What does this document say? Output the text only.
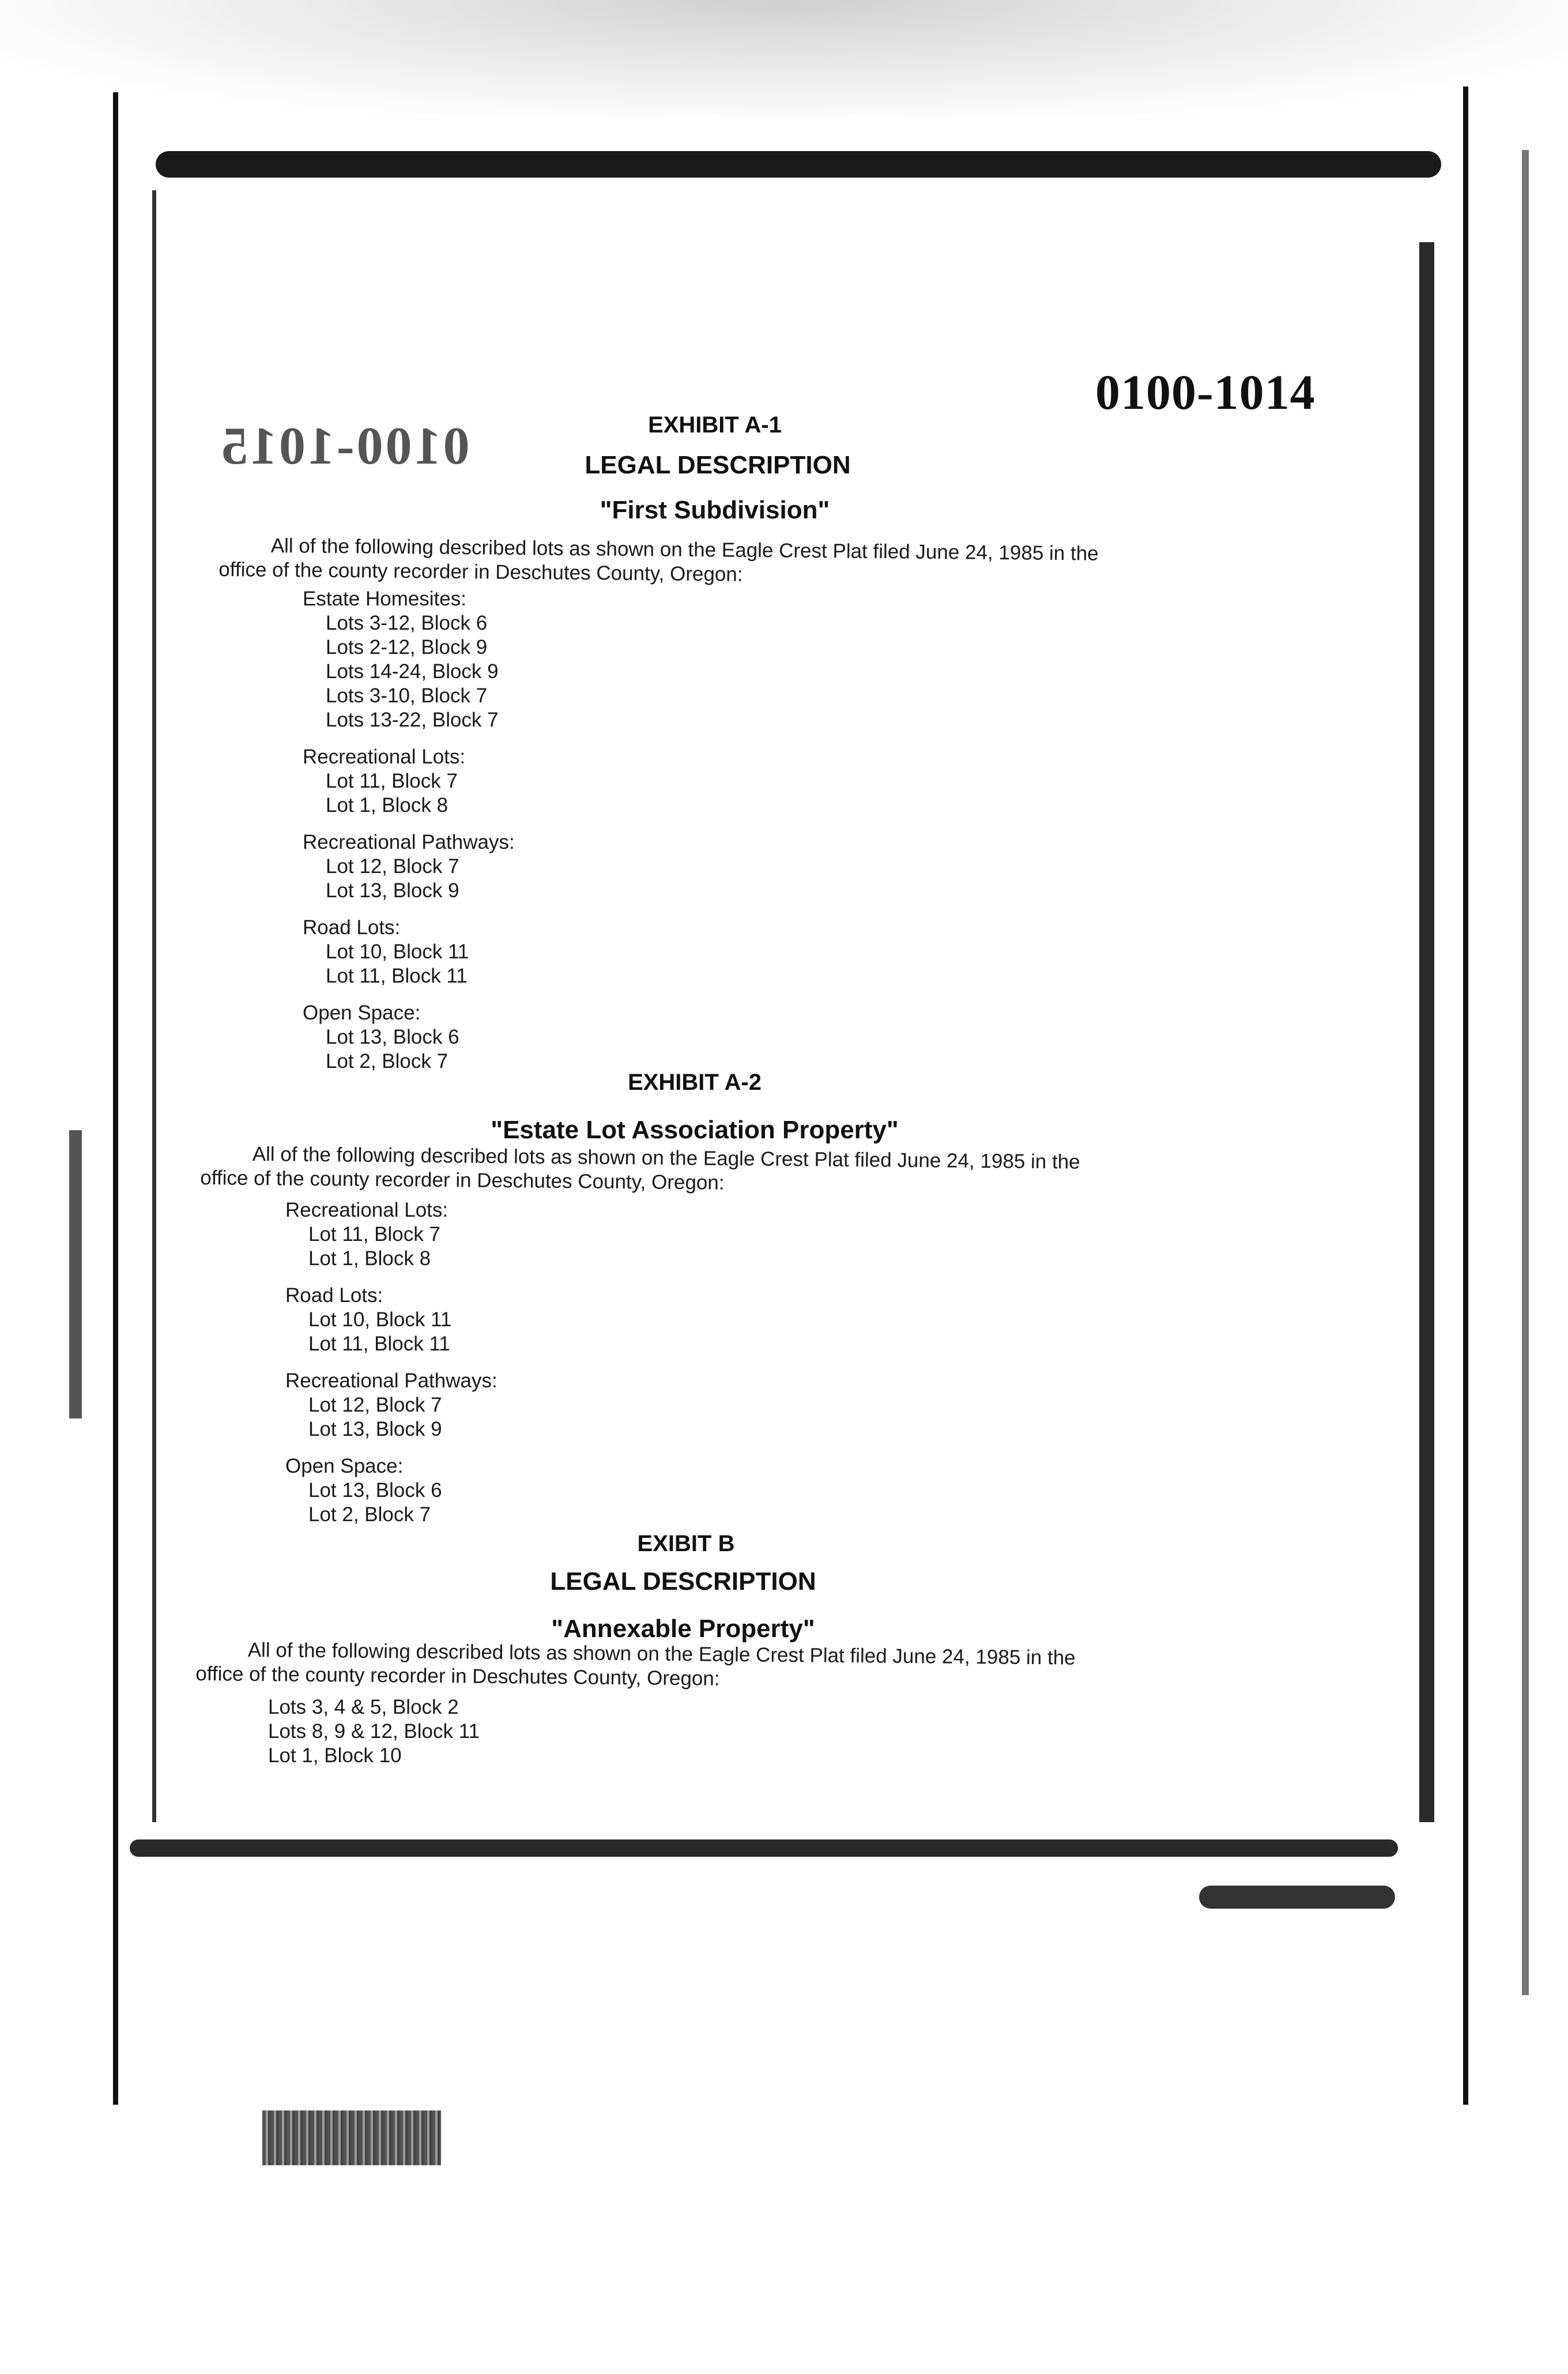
0100-1015
0100-1014
EXHIBIT A-1
LEGAL DESCRIPTION
"First Subdivision"
All of the following described lots as shown on the Eagle Crest Plat filed June 24, 1985 in the
office of the county recorder in Deschutes County, Oregon:
Estate Homesites:
Lots 3-12, Block 6
Lots 2-12, Block 9
Lots 14-24, Block 9
Lots 3-10, Block 7
Lots 13-22, Block 7
Recreational Lots:
Lot 11, Block 7
Lot 1, Block 8
Recreational Pathways:
Lot 12, Block 7
Lot 13, Block 9
Road Lots:
Lot 10, Block 11
Lot 11, Block 11
Open Space:
Lot 13, Block 6
Lot 2, Block 7
EXHIBIT A-2
"Estate Lot Association Property"
All of the following described lots as shown on the Eagle Crest Plat filed June 24, 1985 in the
office of the county recorder in Deschutes County, Oregon:
Recreational Lots:
Lot 11, Block 7
Lot 1, Block 8
Road Lots:
Lot 10, Block 11
Lot 11, Block 11
Recreational Pathways:
Lot 12, Block 7
Lot 13, Block 9
Open Space:
Lot 13, Block 6
Lot 2, Block 7
EXIBIT B
LEGAL DESCRIPTION
"Annexable Property"
All of the following described lots as shown on the Eagle Crest Plat filed June 24, 1985 in the
office of the county recorder in Deschutes County, Oregon:
Lots 3, 4 & 5, Block 2
Lots 8, 9 & 12, Block 11
Lot 1, Block 10
